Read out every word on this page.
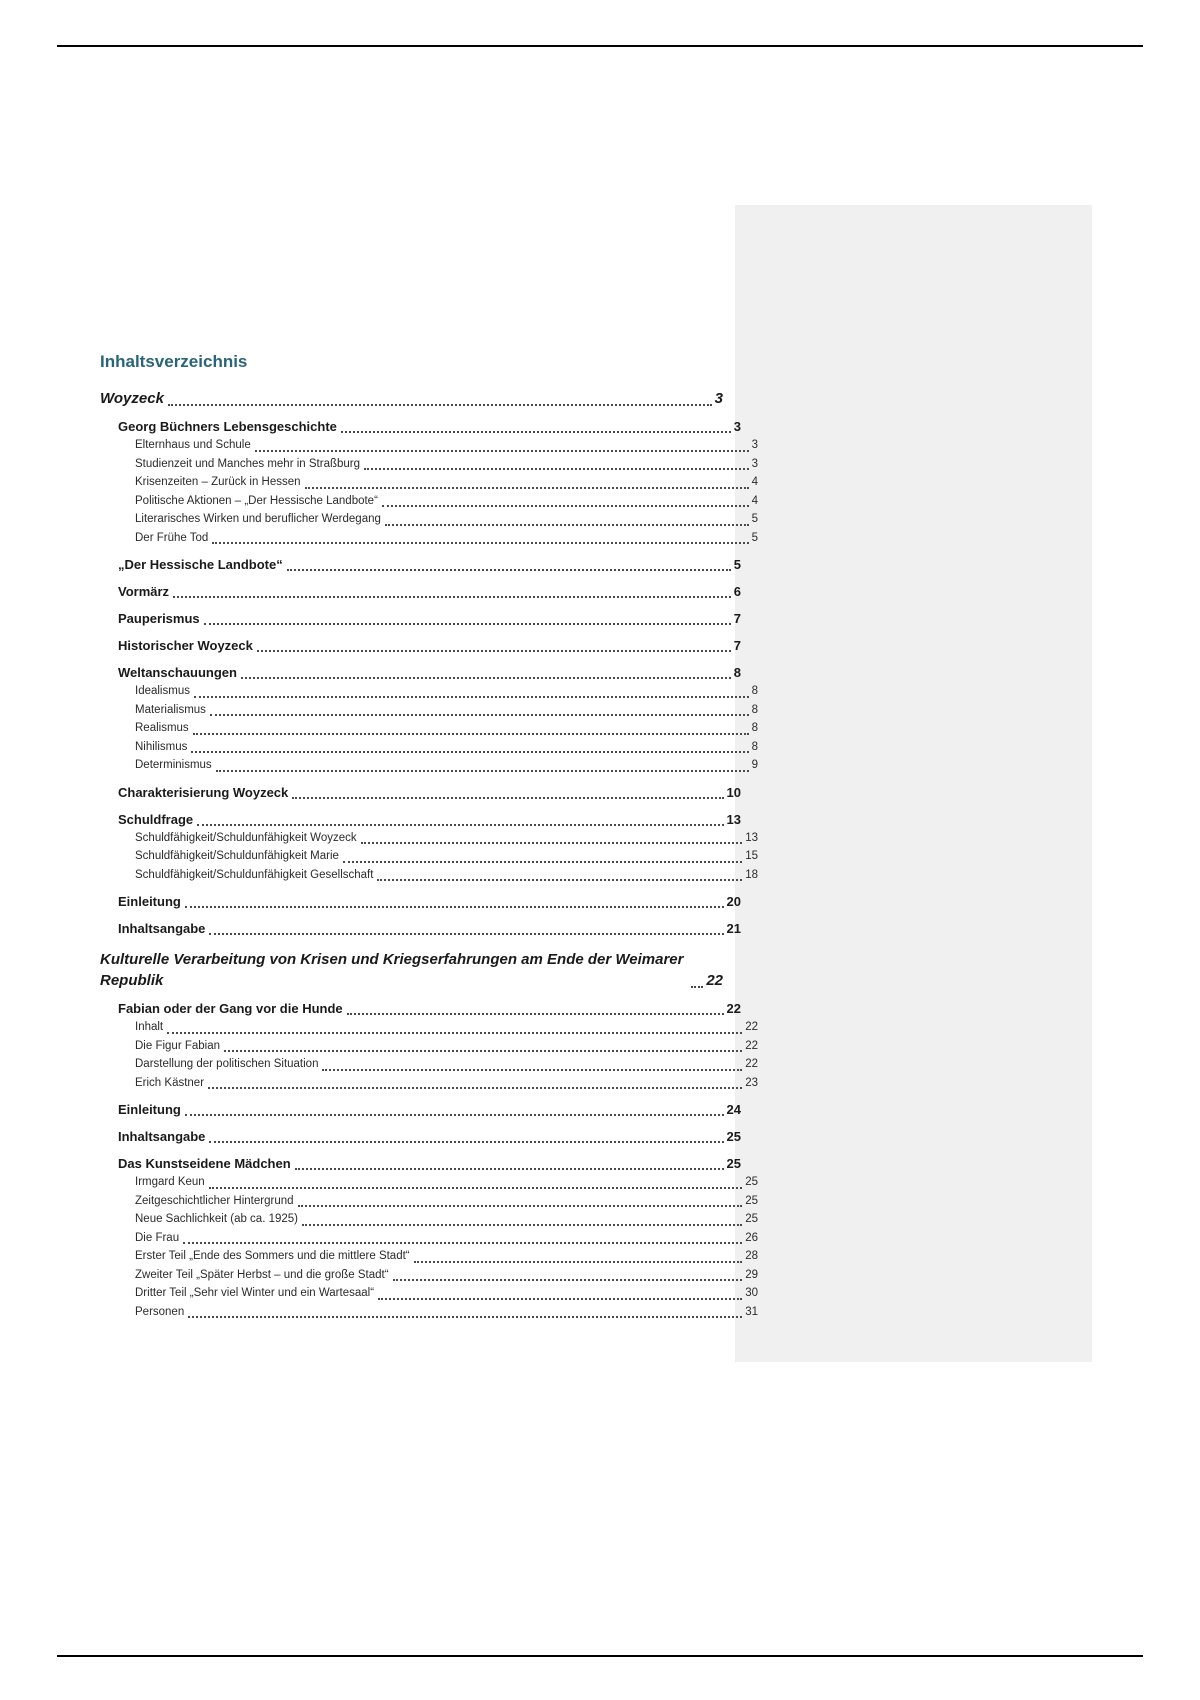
Inhaltsverzeichnis
Woyzeck	3
Georg Büchners Lebensgeschichte	3
Elternhaus und Schule	3
Studienzeit und Manches mehr in Straßburg	3
Krisenzeiten – Zurück in Hessen	4
Politische Aktionen – „Der Hessische Landbote“	4
Literarisches Wirken und beruflicher Werdegang	5
Der Frühe Tod	5
„Der Hessische Landbote“	5
Vormärz	6
Pauperismus	7
Historischer Woyzeck	7
Weltanschauungen	8
Idealismus	8
Materialismus	8
Realismus	8
Nihilismus	8
Determinismus	9
Charakterisierung Woyzeck	10
Schuldfrage	13
Schuldfähigkeit/Schuldunfähigkeit Woyzeck	13
Schuldfähigkeit/Schuldunfähigkeit Marie	15
Schuldfähigkeit/Schuldunfähigkeit Gesellschaft	18
Einleitung	20
Inhaltsangabe	21
Kulturelle Verarbeitung von Krisen und Kriegserfahrungen am Ende der Weimarer Republik	22
Fabian oder der Gang vor die Hunde	22
Inhalt	22
Die Figur Fabian	22
Darstellung der politischen Situation	22
Erich Kästner	23
Einleitung	24
Inhaltsangabe	25
Das Kunstseidene Mädchen	25
Irmgard Keun	25
Zeitgeschichtlicher Hintergrund	25
Neue Sachlichkeit (ab ca. 1925)	25
Die Frau	26
Erster Teil „Ende des Sommers und die mittlere Stadt“	28
Zweiter Teil „Später Herbst – und die große Stadt“	29
Dritter Teil „Sehr viel Winter und ein Wartesaal“	30
Personen	31
